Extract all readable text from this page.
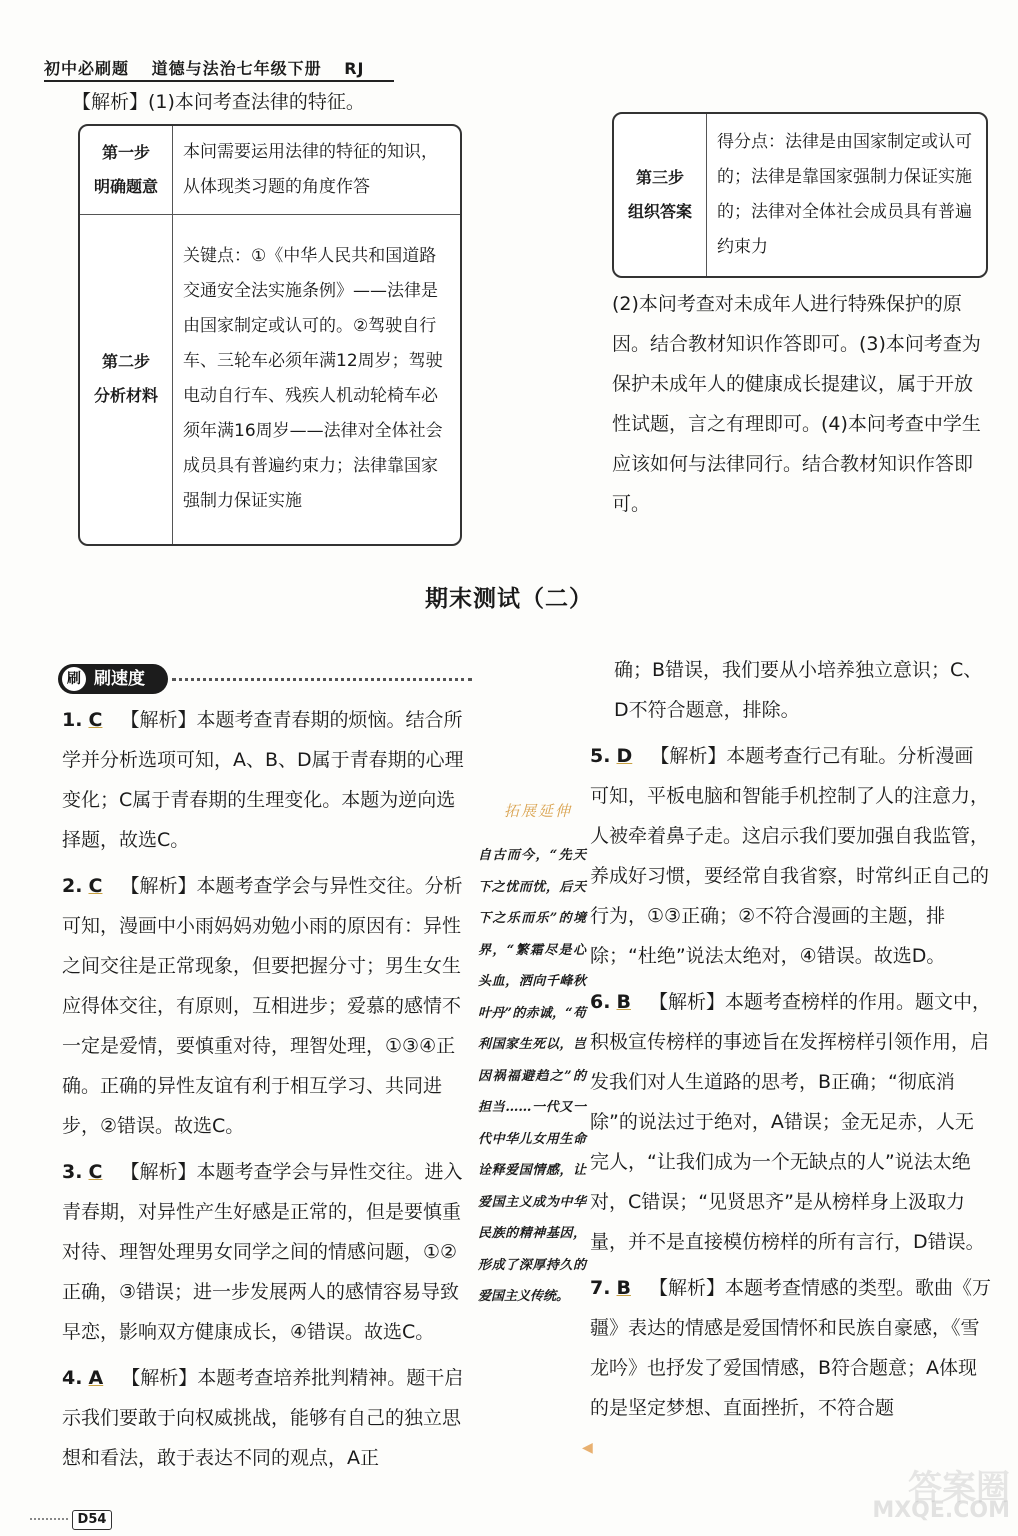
初中必刷题 道德与法治七年级下册 RJ

【解析】(1)本问考查法律的特征。

第一步
明确题意	本问需要运用法律的特征的知识，从体现类习题的角度作答
第二步
分析材料	关键点：①《中华人民共和国道路交通安全法实施条例》——法律是由国家制定或认可的。②驾驶自行车、三轮车必须年满12周岁；驾驶电动自行车、残疾人机动轮椅车必须年满16周岁——法律对全体社会成员具有普遍约束力；法律靠国家强制力保证实施
第三步
组织答案	得分点：法律是由国家制定或认可的；法律是靠国家强制力保证实施的；法律对全体社会成员具有普遍约束力

(2)本问考查对未成年人进行特殊保护的原因。结合教材知识作答即可。(3)本问考查为保护未成年人的健康成长提建议，属于开放性试题，言之有理即可。(4)本问考查中学生应该如何与法律同行。结合教材知识作答即可。

期末测试（二）
刷 刷速度

1. C 【解析】本题考查青春期的烦恼。结合所学并分析选项可知，A、B、D属于青春期的心理变化；C属于青春期的生理变化。本题为逆向选择题，故选C。

2. C 【解析】本题考查学会与异性交往。分析可知，漫画中小雨妈妈劝勉小雨的原因有：异性之间交往是正常现象，但要把握分寸；男生女生应得体交往，有原则，互相进步；爱慕的感情不一定是爱情，要慎重对待，理智处理，①③④正确。正确的异性友谊有利于相互学习、共同进步，②错误。故选C。

3. C 【解析】本题考查学会与异性交往。进入青春期，对异性产生好感是正常的，但是要慎重对待、理智处理男女同学之间的情感问题，①②正确，③错误；进一步发展两人的感情容易导致早恋，影响双方健康成长，④错误。故选C。

4. A 【解析】本题考查培养批判精神。题干启示我们要敢于向权威挑战，能够有自己的独立思想和看法，敢于表达不同的观点，A正

拓展延伸
自古而今，“先天下之忧而忧，后天下之乐而乐”的境界，“繁霜尽是心头血，洒向千峰秋叶丹”的赤诚，“苟利国家生死以，岂因祸福避趋之”的担当……一代又一代中华儿女用生命诠释爱国情感，让爱国主义成为中华民族的精神基因，形成了深厚持久的爱国主义传统。
◀

确；B错误，我们要从小培养独立意识；C、D不符合题意，排除。

5. D 【解析】本题考查行己有耻。分析漫画可知，平板电脑和智能手机控制了人的注意力，人被牵着鼻子走。这启示我们要加强自我监管，养成好习惯，要经常自我省察，时常纠正自己的行为，①③正确；②不符合漫画的主题，排除；“杜绝”说法太绝对，④错误。故选D。

6. B 【解析】本题考查榜样的作用。题文中，积极宣传榜样的事迹旨在发挥榜样引领作用，启发我们对人生道路的思考，B正确；“彻底消除”的说法过于绝对，A错误；金无足赤，人无完人，“让我们成为一个无缺点的人”说法太绝对，C错误；“见贤思齐”是从榜样身上汲取力量，并不是直接模仿榜样的所有言行，D错误。

7. B 【解析】本题考查情感的类型。歌曲《万疆》表达的情感是爱国情怀和民族自豪感，《雪龙吟》也抒发了爱国情感，B符合题意；A体现的是坚定梦想、直面挫折，不符合题

D54
答案圈
MXQE.COM
